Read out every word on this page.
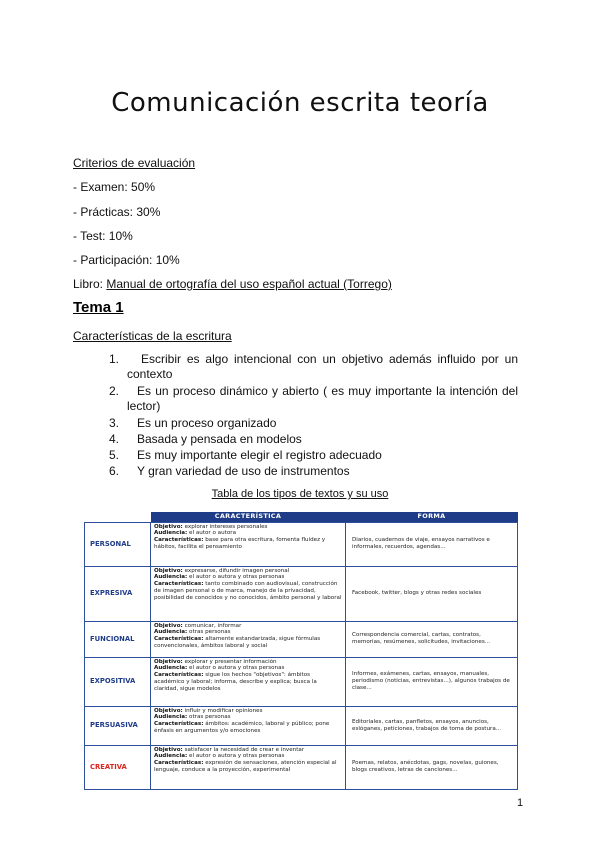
Comunicación escrita teoría
Criterios de evaluación
- Examen: 50%
- Prácticas: 30%
- Test: 10%
- Participación: 10%
Libro: Manual de ortografía del uso español actual (Torrego)
Tema 1
Características de la escritura
1.	Escribir es algo intencional con un objetivo además influido por un contexto
2.	Es un proceso dinámico y abierto ( es muy importante la intención del lector)
3.	Es un proceso organizado
4.	Basada y pensada en modelos
5.	Es muy importante elegir el registro adecuado
6.	Y gran variedad de uso de instrumentos
Tabla de los tipos de textos y su uso
	CARACTERÍSTICA	FORMA
PERSONAL	Objetivo: explorar intereses personales
Audiencia: el autor o autora
Características: base para otra escritura, fomenta fluidez y hábitos, facilita el pensamiento	Diarios, cuadernos de viaje, ensayos narrativos e informales, recuerdos, agendas...
EXPRESIVA	Objetivo: expresarse, difundir imagen personal
Audiencia: el autor o autora y otras personas
Características: tanto combinado con audiovisual, construcción de imagen personal o de marca, manejo de la privacidad, posibilidad de conocidos y no conocidos, ámbito personal y laboral	Facebook, twitter, blogs y otras redes sociales
FUNCIONAL	Objetivo: comunicar, informar
Audiencia: otras personas
Características: altamente estandarizada, sigue fórmulas convencionales, ámbitos laboral y social	Correspondencia comercial, cartas, contratos, memorias, resúmenes, solicitudes, invitaciones...
EXPOSITIVA	Objetivo: explorar y presentar información
Audiencia: el autor o autora y otras personas
Características: sigue los hechos "objetivos": ámbitos académico y laboral; informa, describe y explica; busca la claridad, sigue modelos	Informes, exámenes, cartas, ensayos, manuales, periodismo (noticias, entrevistas...), algunos trabajos de clase...
PERSUASIVA	Objetivo: influir y modificar opiniones
Audiencia: otras personas
Características: ámbitos: académico, laboral y público; pone énfasis en argumentos y/o emociones	Editoriales, cartas, panfletos, ensayos, anuncios, eslóganes, peticiones, trabajos de toma de postura...
CREATIVA	Objetivo: satisfacer la necesidad de crear e inventar
Audiencia: el autor o autora y otras personas
Características: expresión de sensaciones, atención especial al lenguaje, conduce a la proyección, experimental	Poemas, relatos, anécdotas, gags, novelas, guiones, blogs creativos, letras de canciones...
1
